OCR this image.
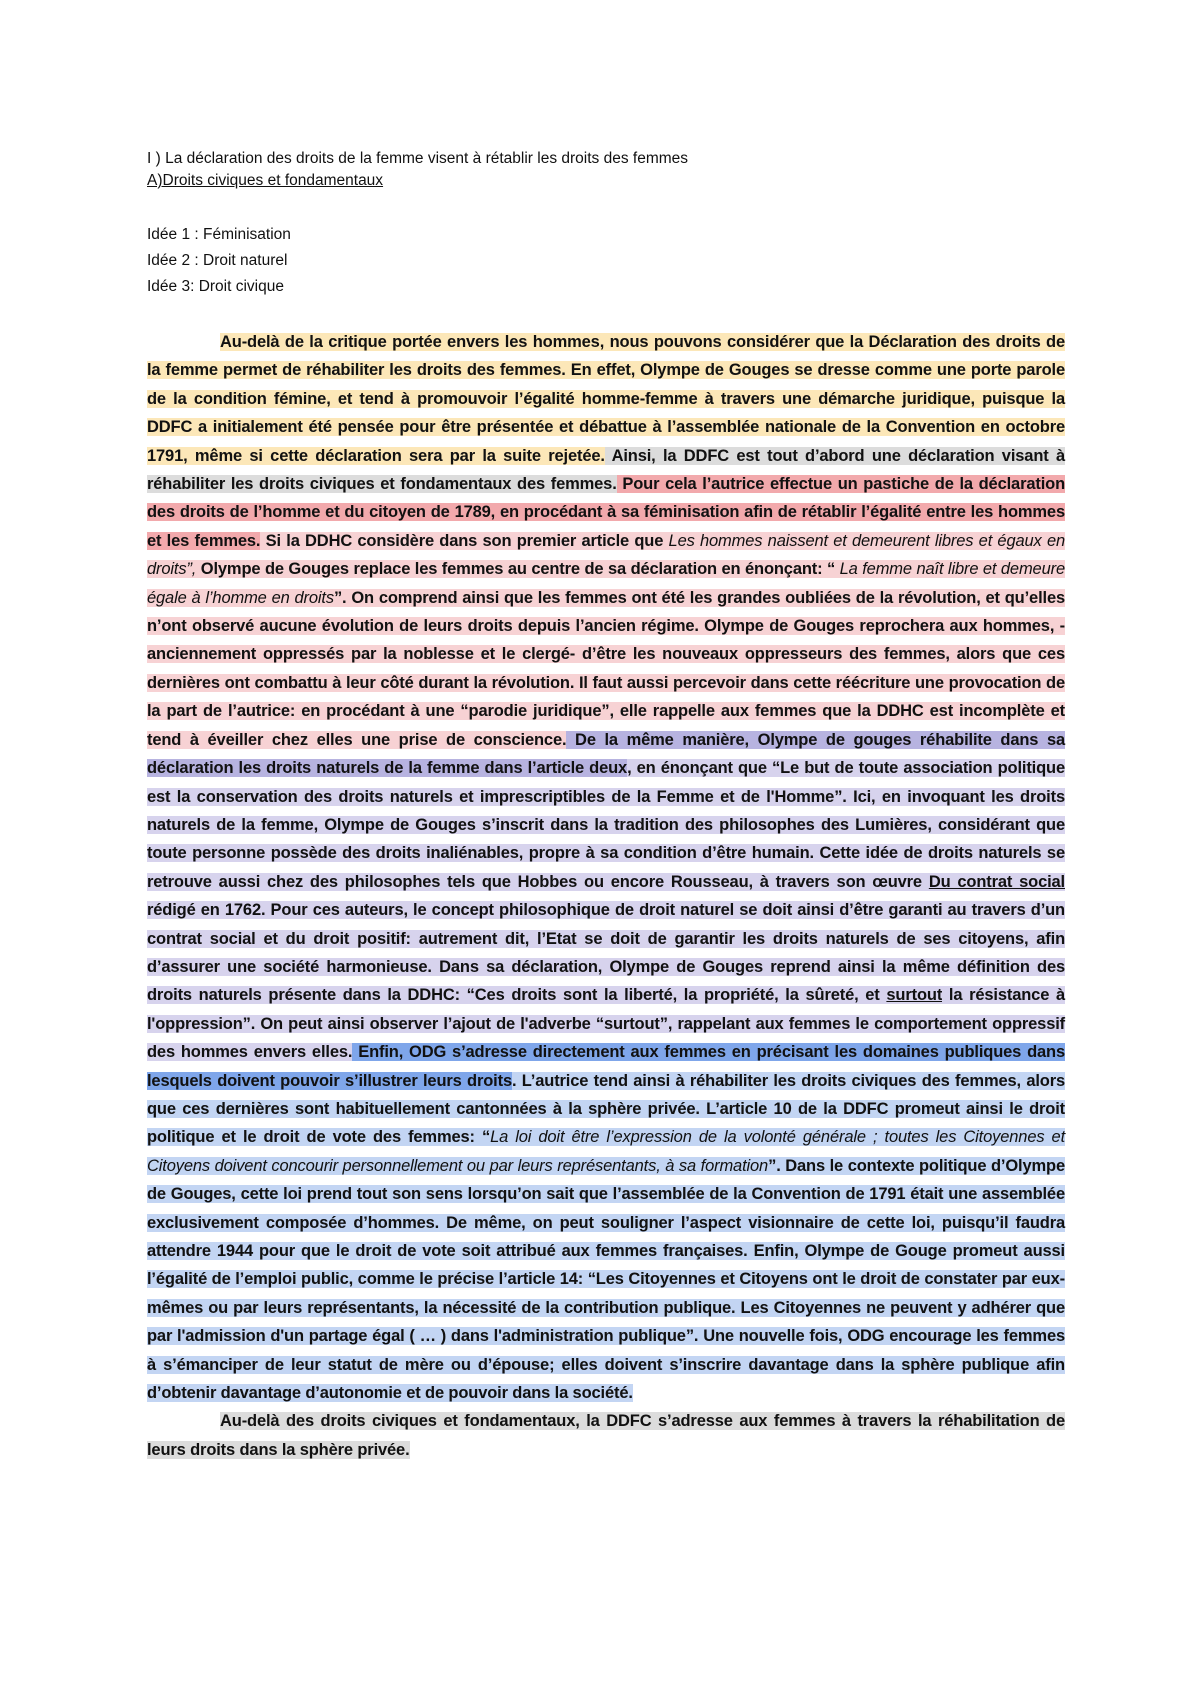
I ) La déclaration des droits de la femme visent à rétablir les droits des femmes
A)Droits civiques et fondamentaux
Idée 1 : Féminisation
Idée 2 : Droit naturel
Idée 3: Droit civique

Au-delà de la critique portée envers les hommes, nous pouvons considérer que la Déclaration des droits de la femme permet de réhabiliter les droits des femmes. En effet, Olympe de Gouges se dresse comme une porte parole de la condition fémine, et tend à promouvoir l’égalité homme-femme à travers une démarche juridique, puisque la DDFC a initialement été pensée pour être présentée et débattue à l’assemblée nationale de la Convention en octobre 1791, même si cette déclaration sera par la suite rejetée. Ainsi, la DDFC est tout d’abord une déclaration visant à réhabiliter les droits civiques et fondamentaux des femmes. Pour cela l’autrice effectue un pastiche de la déclaration des droits de l’homme et du citoyen de 1789, en procédant à sa féminisation afin de rétablir l’égalité entre les hommes et les femmes. Si la DDHC considère dans son premier article que Les hommes naissent et demeurent libres et égaux en droits”, Olympe de Gouges replace les femmes au centre de sa déclaration en énonçant: “ La femme naît libre et demeure égale à l’homme en droits”. On comprend ainsi que les femmes ont été les grandes oubliées de la révolution, et qu’elles n’ont observé aucune évolution de leurs droits depuis l’ancien régime. Olympe de Gouges reprochera aux hommes, -anciennement oppressés par la noblesse et le clergé- d’être les nouveaux oppresseurs des femmes, alors que ces dernières ont combattu à leur côté durant la révolution. Il faut aussi percevoir dans cette réécriture une provocation de la part de l’autrice: en procédant à une “parodie juridique”, elle rappelle aux femmes que la DDHC est incomplète et tend à éveiller chez elles une prise de conscience. De la même manière, Olympe de gouges réhabilite dans sa déclaration les droits naturels de la femme dans l’article deux, en énonçant que “Le but de toute association politique est la conservation des droits naturels et imprescriptibles de la Femme et de l'Homme”. Ici, en invoquant les droits naturels de la femme, Olympe de Gouges s’inscrit dans la tradition des philosophes des Lumières, considérant que toute personne possède des droits inaliénables, propre à sa condition d’être humain. Cette idée de droits naturels se retrouve aussi chez des philosophes tels que Hobbes ou encore Rousseau, à travers son œuvre Du contrat social rédigé en 1762. Pour ces auteurs, le concept philosophique de droit naturel se doit ainsi d’être garanti au travers d’un contrat social et du droit positif: autrement dit, l’Etat se doit de garantir les droits naturels de ses citoyens, afin d’assurer une société harmonieuse. Dans sa déclaration, Olympe de Gouges reprend ainsi la même définition des droits naturels présente dans la DDHC: “Ces droits sont la liberté, la propriété, la sûreté, et surtout la résistance à l'oppression”. On peut ainsi observer l’ajout de l'adverbe “surtout”, rappelant aux femmes le comportement oppressif des hommes envers elles. Enfin, ODG s’adresse directement aux femmes en précisant les domaines publiques dans lesquels doivent pouvoir s’illustrer leurs droits. L’autrice tend ainsi à réhabiliter les droits civiques des femmes, alors que ces dernières sont habituellement cantonnées à la sphère privée. L’article 10 de la DDFC promeut ainsi le droit politique et le droit de vote des femmes: “La loi doit être l’expression de la volonté générale ; toutes les Citoyennes et Citoyens doivent concourir personnellement ou par leurs représentants, à sa formation”. Dans le contexte politique d’Olympe de Gouges, cette loi prend tout son sens lorsqu’on sait que l’assemblée de la Convention de 1791 était une assemblée exclusivement composée d’hommes. De même, on peut souligner l’aspect visionnaire de cette loi, puisqu’il faudra attendre 1944 pour que le droit de vote soit attribué aux femmes françaises. Enfin, Olympe de Gouge promeut aussi l’égalité de l’emploi public, comme le précise l’article 14: “Les Citoyennes et Citoyens ont le droit de constater par eux-mêmes ou par leurs représentants, la nécessité de la contribution publique. Les Citoyennes ne peuvent y adhérer que par l'admission d'un partage égal ( … ) dans l'administration publique”. Une nouvelle fois, ODG encourage les femmes à s’émanciper de leur statut de mère ou d’épouse; elles doivent s’inscrire davantage dans la sphère publique afin d’obtenir davantage d’autonomie et de pouvoir dans la société.

Au-delà des droits civiques et fondamentaux, la DDFC s’adresse aux femmes à travers la réhabilitation de leurs droits dans la sphère privée.
